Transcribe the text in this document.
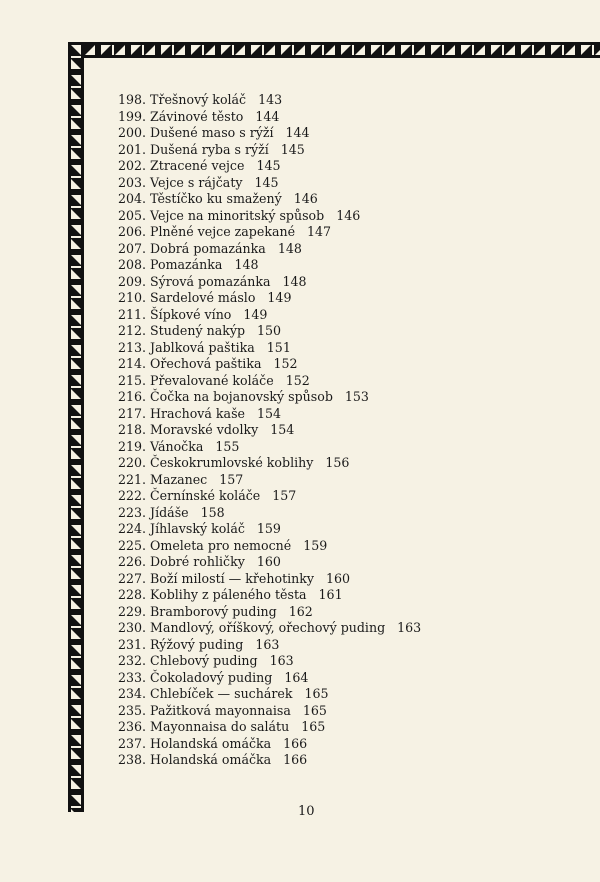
198. Třešnový koláč 143
199. Závinové těsto 144
200. Dušené maso s rýží 144
201. Dušená ryba s rýží 145
202. Ztracené vejce 145
203. Vejce s rájčaty 145
204. Těstíčko ku smažený 146
205. Vejce na minoritský spůsob 146
206. Plněné vejce zapekané 147
207. Dobrá pomazánka 148
208. Pomazánka 148
209. Sýrová pomazánka 148
210. Sardelové máslo 149
211. Šípkové víno 149
212. Studený nakýp 150
213. Jablková paštika 151
214. Ořechová paštika 152
215. Převalované koláče 152
216. Čočka na bojanovský spůsob 153
217. Hrachová kaše 154
218. Moravské vdolky 154
219. Vánočka 155
220. Českokrumlovské koblihy 156
221. Mazanec 157
222. Černínské koláče 157
223. Jídáše 158
224. Jíhlavský koláč 159
225. Omeleta pro nemocné 159
226. Dobré rohličky 160
227. Boží milostí — křehotinky 160
228. Koblihy z páleného těsta 161
229. Bramborový puding 162
230. Mandlový, oříškový, ořechový puding 163
231. Rýžový puding 163
232. Chlebový puding 163
233. Čokoladový puding 164
234. Chlebíček — suchárek 165
235. Pažitková mayonnaisa 165
236. Mayonnaisa do salátu 165
237. Holandská omáčka 166
238. Holandská omáčka 166
10
